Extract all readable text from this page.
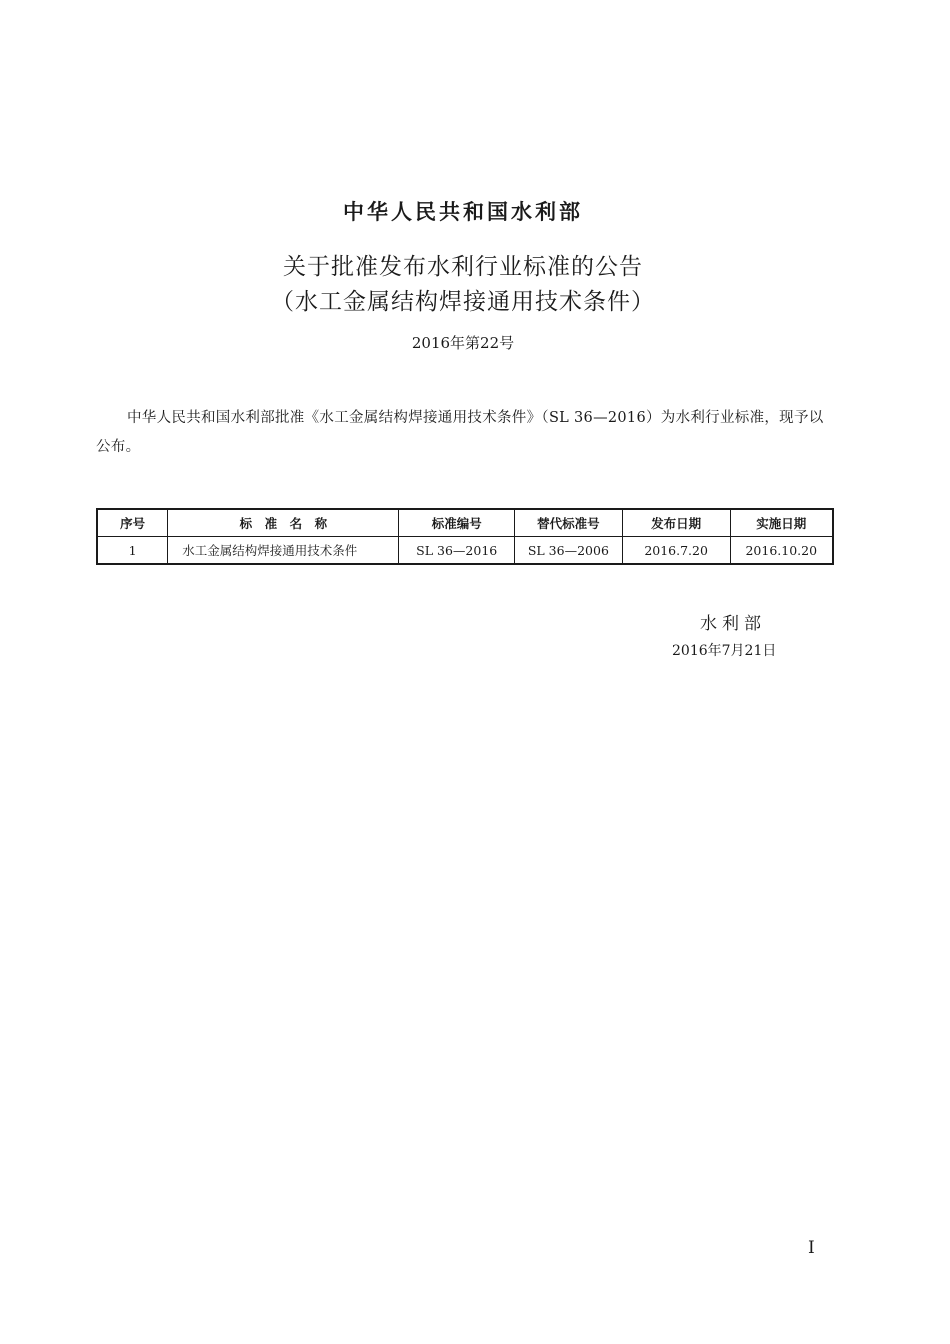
中华人民共和国水利部
关于批准发布水利行业标准的公告
（水工金属结构焊接通用技术条件）
2016年第22号

中华人民共和国水利部批准《水工金属结构焊接通用技术条件》（SL 36—2016）为水利行业标准，现予以公布。

序号	标　准　名　称	标准编号	替代标准号	发布日期	实施日期
1	水工金属结构焊接通用技术条件	SL 36—2016	SL 36—2006	2016.7.20	2016.10.20
水利部
2016年7月21日
I
